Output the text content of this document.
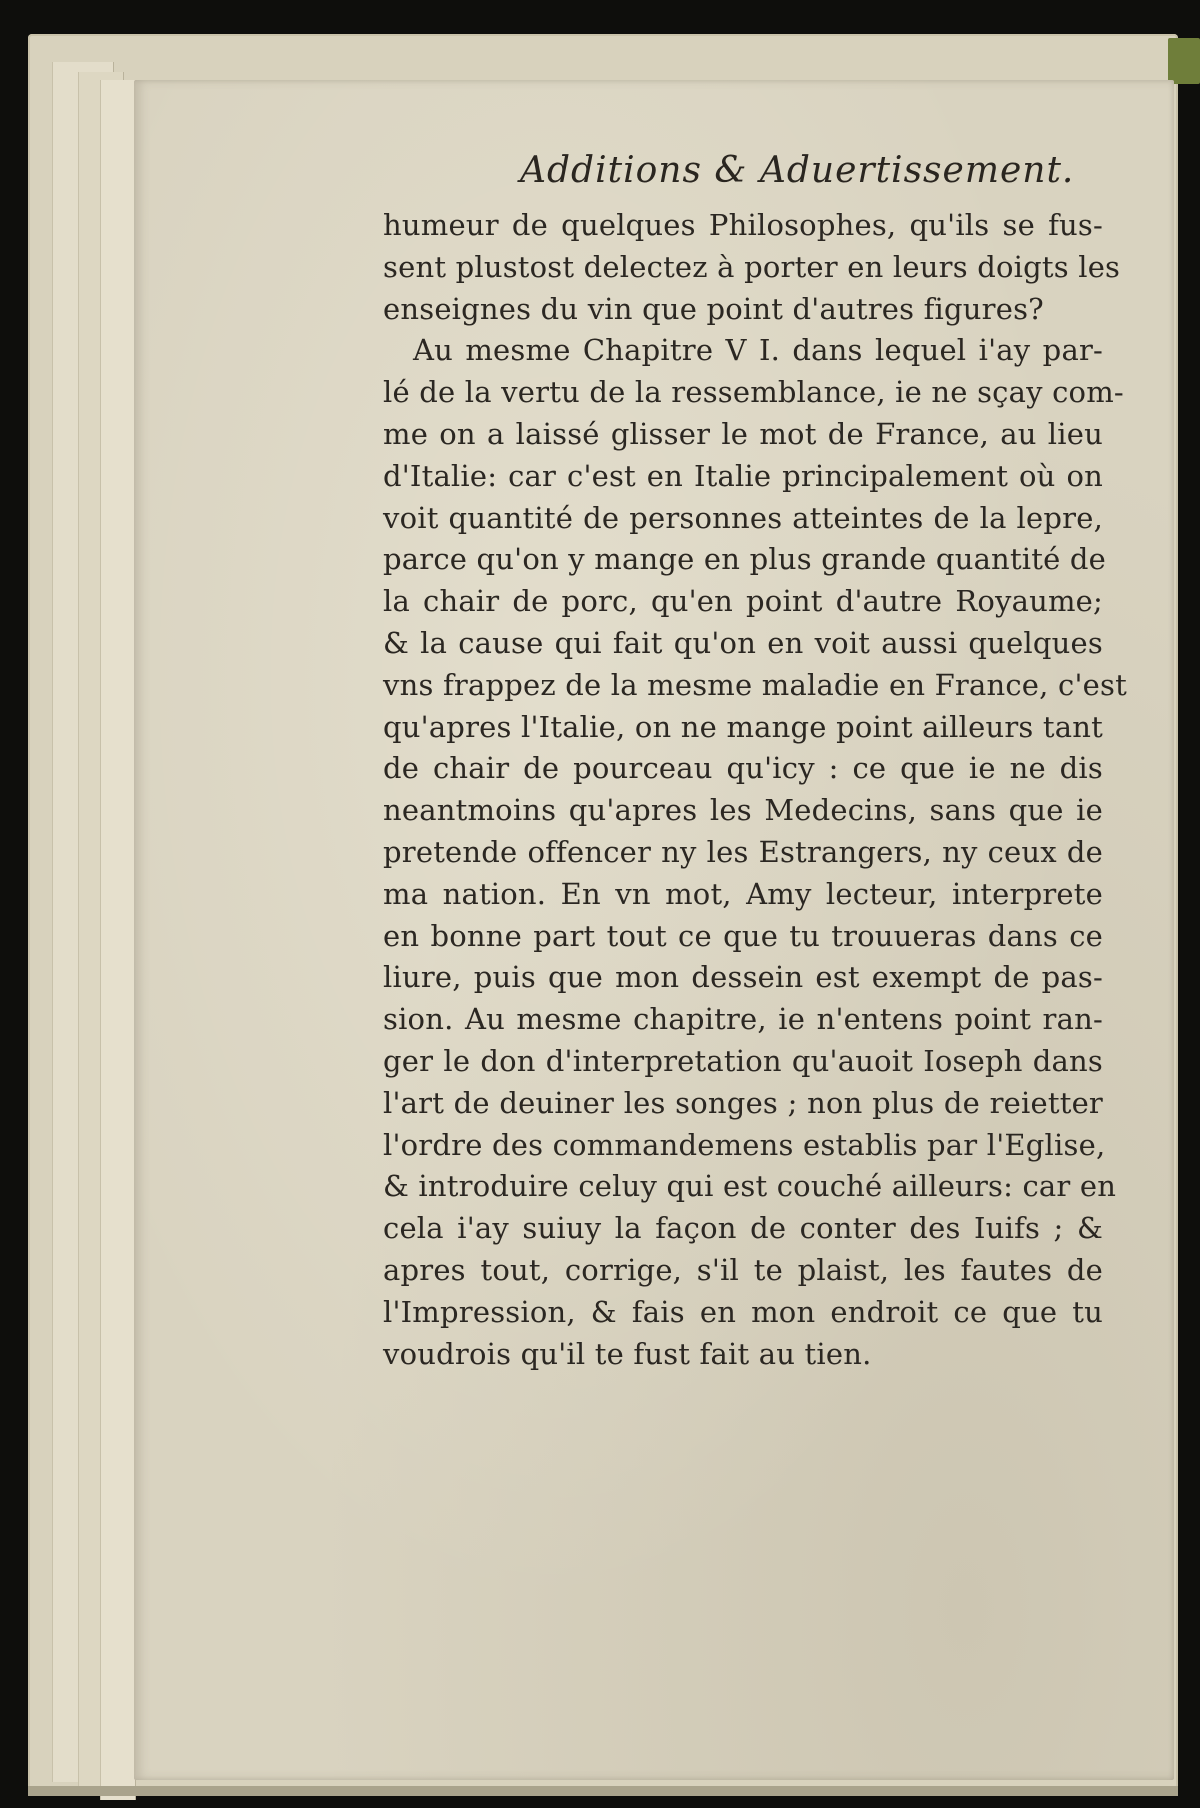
Additions & Aduertissement.
humeur de quelques Philosophes, qu'ils se fus-
sent plustost delectez à porter en leurs doigts les
enseignes du vin que point d'autres figures?
Au mesme Chapitre V I. dans lequel i'ay par-
lé de la vertu de la ressemblance, ie ne sçay com-
me on a laissé glisser le mot de France, au lieu
d'Italie: car c'est en Italie principalement où on
voit quantité de personnes atteintes de la lepre,
parce qu'on y mange en plus grande quantité de
la chair de porc, qu'en point d'autre Royaume;
& la cause qui fait qu'on en voit aussi quelques
vns frappez de la mesme maladie en France, c'est
qu'apres l'Italie, on ne mange point ailleurs tant
de chair de pourceau qu'icy : ce que ie ne dis
neantmoins qu'apres les Medecins, sans que ie
pretende offencer ny les Estrangers, ny ceux de
ma nation. En vn mot, Amy lecteur, interprete
en bonne part tout ce que tu trouueras dans ce
liure, puis que mon dessein est exempt de pas-
sion. Au mesme chapitre, ie n'entens point ran-
ger le don d'interpretation qu'auoit Ioseph dans
l'art de deuiner les songes ; non plus de reietter
l'ordre des commandemens establis par l'Eglise,
& introduire celuy qui est couché ailleurs: car en
cela i'ay suiuy la façon de conter des Iuifs ; &
apres tout, corrige, s'il te plaist, les fautes de
l'Impression, & fais en mon endroit ce que tu
voudrois qu'il te fust fait au tien.
